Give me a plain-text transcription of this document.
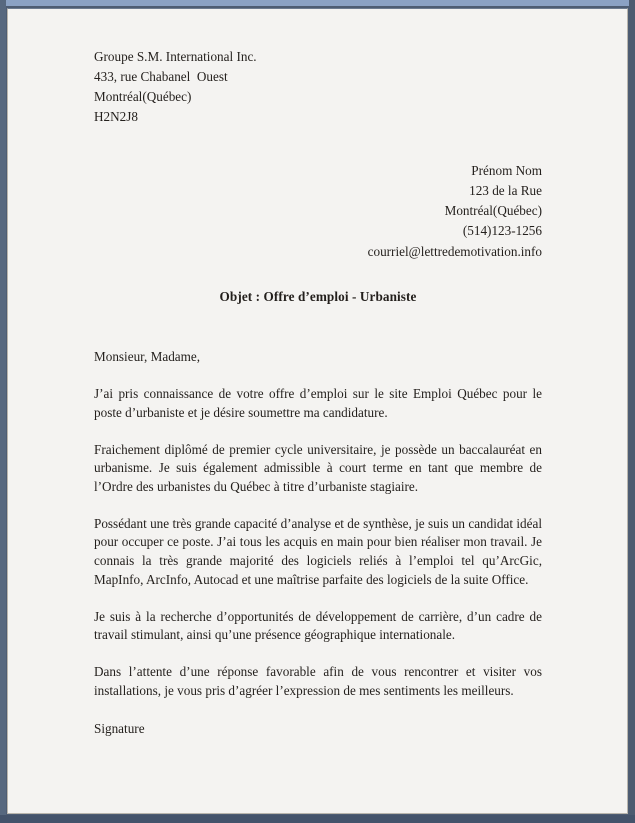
Groupe S.M. International Inc.

433, rue Chabanel  Ouest

Montréal(Québec)

H2N2J8

Prénom Nom

123 de la Rue

Montréal(Québec)

(514)123-1256

courriel@lettredemotivation.info

Objet : Offre d’emploi - Urbaniste

Monsieur, Madame,

J’ai pris connaissance de votre offre d’emploi sur le site Emploi Québec pour le poste d’urbaniste et je désire soumettre ma candidature.

Fraichement diplômé de premier cycle universitaire, je possède un baccalauréat en urbanisme. Je suis également admissible à court terme en tant que membre de l’Ordre des urbanistes du Québec à titre d’urbaniste stagiaire.

Possédant une très grande capacité d’analyse et de synthèse, je suis un candidat idéal pour occuper ce poste. J’ai tous les acquis en main pour bien réaliser mon travail. Je connais la très grande majorité des logiciels reliés à l’emploi tel qu’ArcGic, MapInfo, ArcInfo, Autocad et une maîtrise parfaite des logiciels de la suite Office.

Je suis à la recherche d’opportunités de développement de carrière, d’un cadre de travail stimulant, ainsi qu’une présence géographique internationale.

Dans l’attente d’une réponse favorable afin de vous rencontrer et visiter vos installations, je vous pris d’agréer l’expression de mes sentiments les meilleurs.

Signature
